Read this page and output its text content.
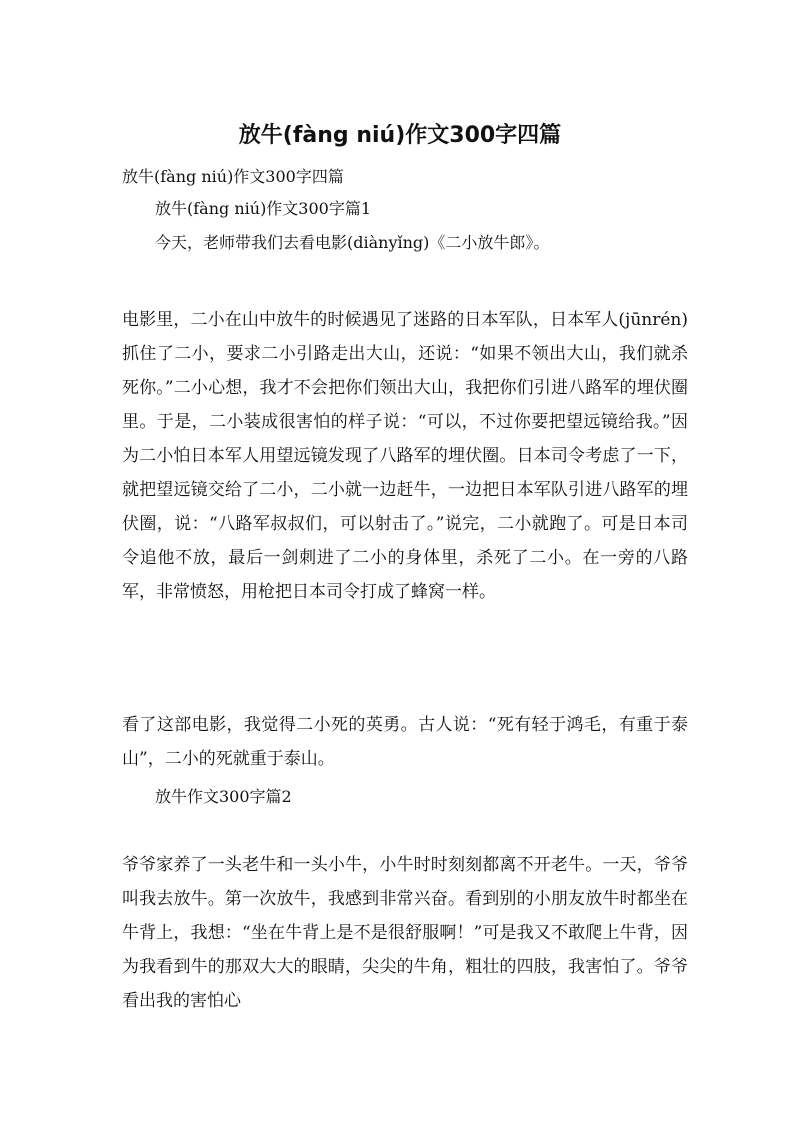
放牛(fàng niú)作文300字四篇

放牛(fàng niú)作文300字四篇

放牛(fàng niú)作文300字篇1

今天，老师带我们去看电影(diànyǐng)《二小放牛郎》。

电影里，二小在山中放牛的时候遇见了迷路的日本军队，日本军人(jūnrén)抓住了二小，要求二小引路走出大山，还说：“如果不领出大山，我们就杀死你。”二小心想，我才不会把你们领出大山，我把你们引进八路军的埋伏圈里。于是，二小装成很害怕的样子说：“可以，不过你要把望远镜给我。”因为二小怕日本军人用望远镜发现了八路军的埋伏圈。日本司令考虑了一下，就把望远镜交给了二小，二小就一边赶牛，一边把日本军队引进八路军的埋伏圈，说：“八路军叔叔们，可以射击了。”说完，二小就跑了。可是日本司令追他不放，最后一剑刺进了二小的身体里，杀死了二小。在一旁的八路军，非常愤怒，用枪把日本司令打成了蜂窝一样。

看了这部电影，我觉得二小死的英勇。古人说：“死有轻于鸿毛，有重于泰山”，二小的死就重于泰山。

放牛作文300字篇2

爷爷家养了一头老牛和一头小牛，小牛时时刻刻都离不开老牛。一天，爷爷叫我去放牛。第一次放牛，我感到非常兴奋。看到别的小朋友放牛时都坐在牛背上，我想：“坐在牛背上是不是很舒服啊！”可是我又不敢爬上牛背，因为我看到牛的那双大大的眼睛，尖尖的牛角，粗壮的四肢，我害怕了。爷爷看出我的害怕心
